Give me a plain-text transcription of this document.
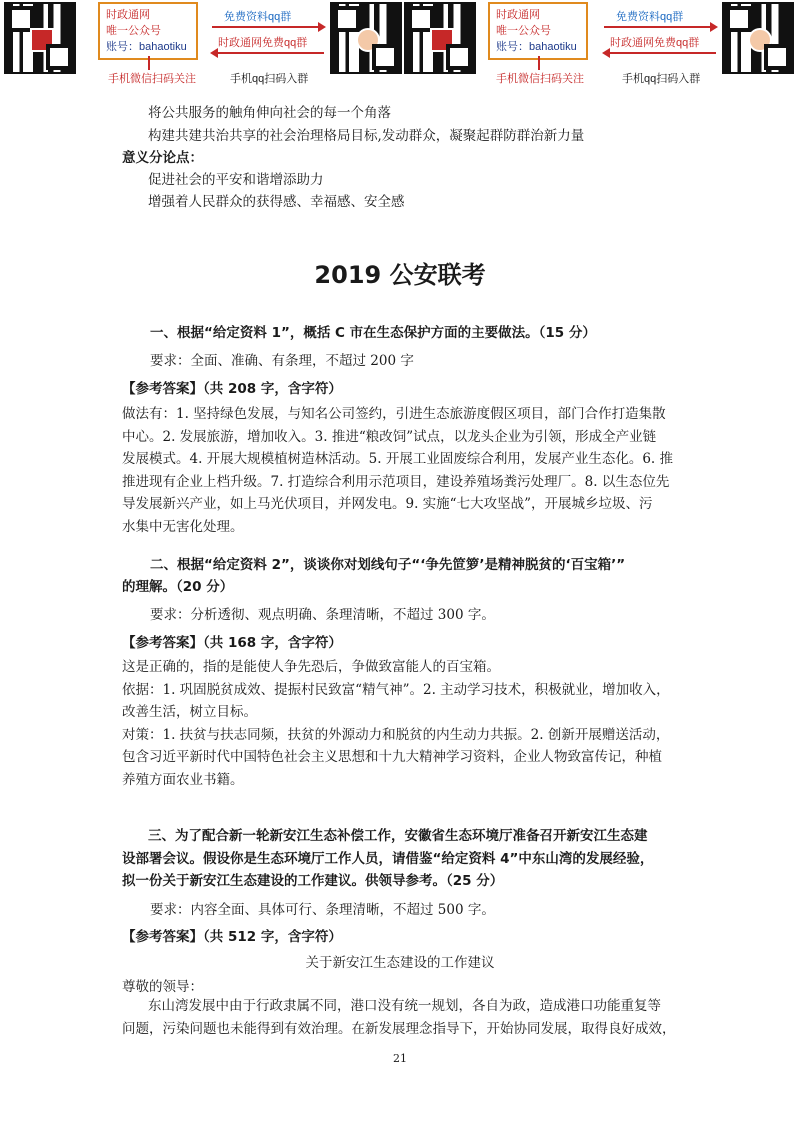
时政通网
唯一公众号
账号：bahaotiku
手机微信扫码关注
免费资料qq群
时政通网免费qq群
手机qq扫码入群
时政通网
唯一公众号
账号：bahaotiku
手机微信扫码关注
免费资料qq群
时政通网免费qq群
手机qq扫码入群
将公共服务的触角伸向社会的每一个角落
构建共建共治共享的社会治理格局目标,发动群众，凝聚起群防群治新力量
意义分论点：
促进社会的平安和谐增添助力
增强着人民群众的获得感、幸福感、安全感
2019 公安联考
一、根据“给定资料 1”，概括 C 市在生态保护方面的主要做法。（15 分）
要求：全面、准确、有条理，不超过 200 字
【参考答案】（共 208 字，含字符）
做法有：1. 坚持绿色发展，与知名公司签约，引进生态旅游度假区项目，部门合作打造集散
中心。2. 发展旅游，增加收入。3. 推进“粮改饲”试点，以龙头企业为引领，形成全产业链
发展模式。4. 开展大规模植树造林活动。5. 开展工业固废综合利用，发展产业生态化。6. 推
推进现有企业上档升级。7. 打造综合利用示范项目，建设养殖场粪污处理厂。8. 以生态位先
导发展新兴产业，如上马光伏项目，并网发电。9. 实施“七大攻坚战”，开展城乡垃圾、污
水集中无害化处理。
二、根据“给定资料 2”，谈谈你对划线句子“‘争先笸箩’是精神脱贫的‘百宝箱’”
的理解。（20 分）
要求：分析透彻、观点明确、条理清晰，不超过 300 字。
【参考答案】（共 168 字，含字符）
这是正确的，指的是能使人争先恐后，争做致富能人的百宝箱。
依据：1. 巩固脱贫成效、提振村民致富“精气神”。2. 主动学习技术，积极就业，增加收入，
改善生活，树立目标。
对策：1. 扶贫与扶志同频，扶贫的外源动力和脱贫的内生动力共振。2. 创新开展赠送活动，
包含习近平新时代中国特色社会主义思想和十九大精神学习资料，企业人物致富传记，种植
养殖方面农业书籍。
三、为了配合新一轮新安江生态补偿工作，安徽省生态环境厅准备召开新安江生态建
设部署会议。假设你是生态环境厅工作人员，请借鉴“给定资料 4”中东山湾的发展经验，
拟一份关于新安江生态建设的工作建议。供领导参考。（25 分）
要求：内容全面、具体可行、条理清晰，不超过 500 字。
【参考答案】（共 512 字，含字符）
关于新安江生态建设的工作建议
尊敬的领导：
东山湾发展中由于行政隶属不同，港口没有统一规划，各自为政，造成港口功能重复等
问题，污染问题也未能得到有效治理。在新发展理念指导下，开始协同发展，取得良好成效，
21
